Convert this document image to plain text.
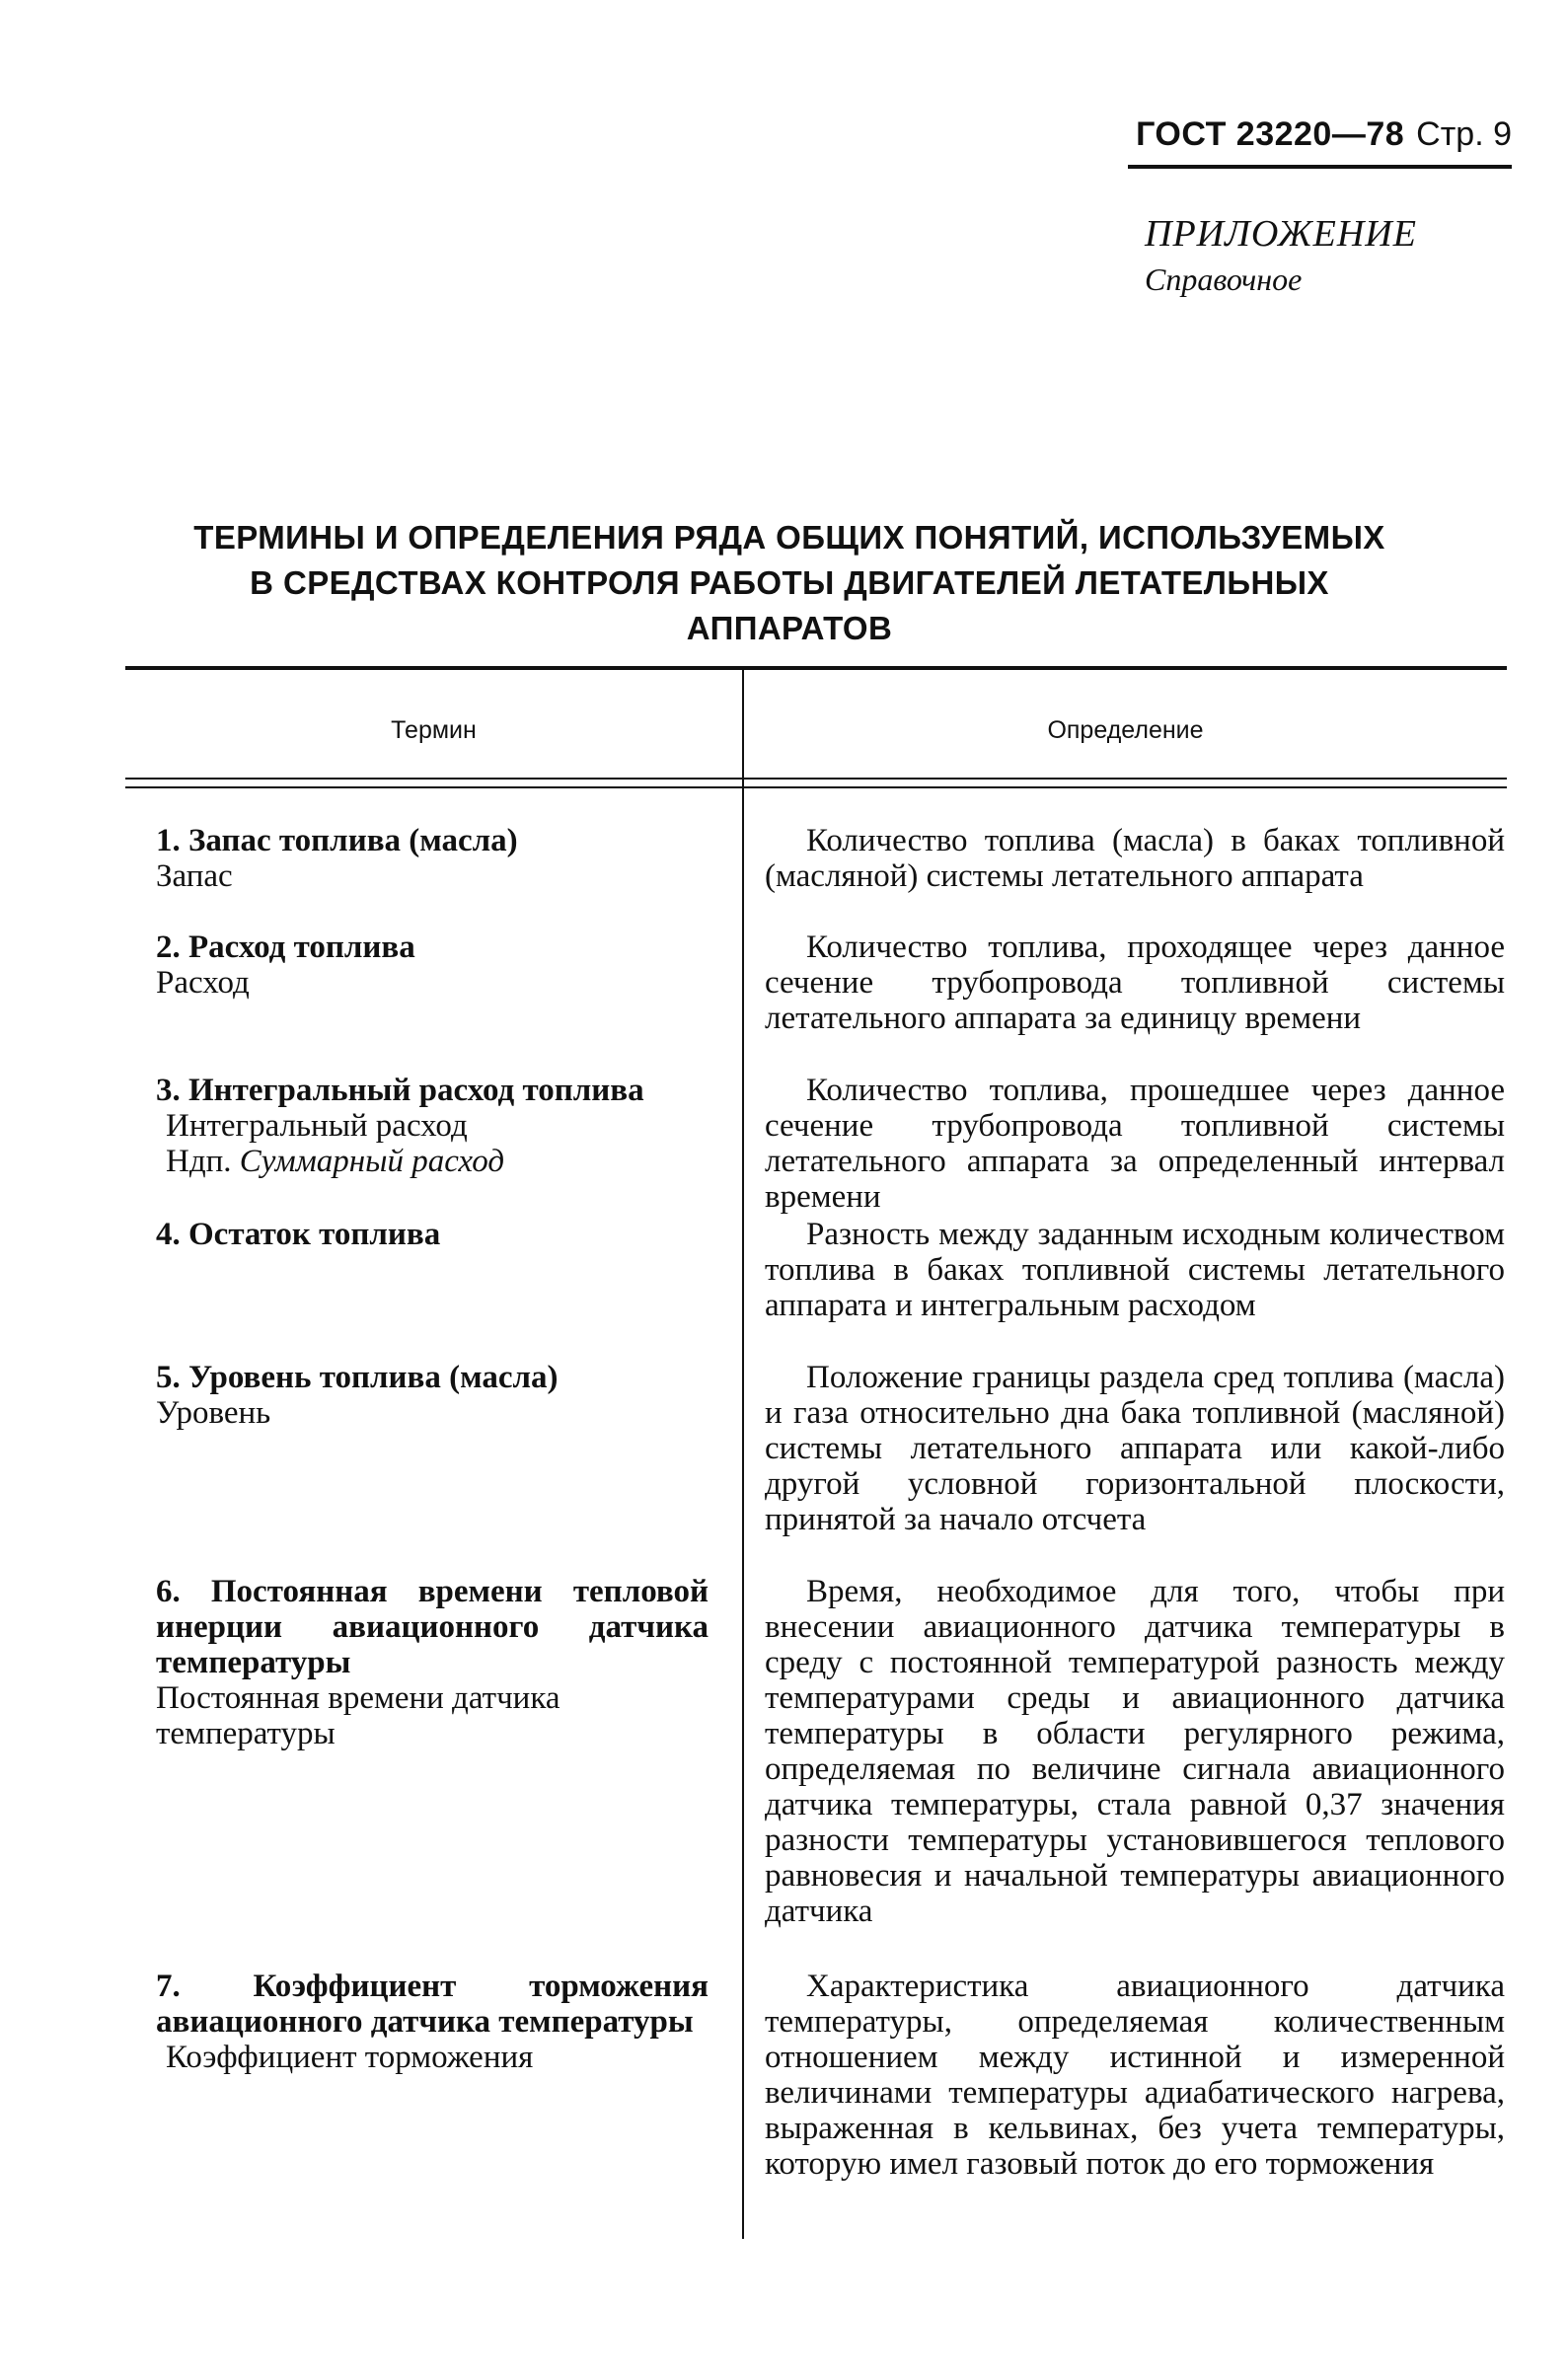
ГОСТ 23220—78 Стр. 9
ПРИЛОЖЕНИЕ
Справочное
ТЕРМИНЫ И ОПРЕДЕЛЕНИЯ РЯДА ОБЩИХ ПОНЯТИЙ, ИСПОЛЬЗУЕМЫХ
В СРЕДСТВАХ КОНТРОЛЯ РАБОТЫ ДВИГАТЕЛЕЙ ЛЕТАТЕЛЬНЫХ
АППАРАТОВ
Термин	Определение
1. Запас топлива (масла)
Запас
Количество топлива (масла) в баках топливной (масляной) системы летательного аппарата
2. Расход топлива
Расход
Количество топлива, проходящее через данное сечение трубопровода топливной системы летательного аппарата за единицу времени
3. Интегральный расход топлива
Интегральный расход
Ндп. Суммарный расход
Количество топлива, прошедшее через данное сечение трубопровода топливной системы летательного аппарата за определенный интервал времени
4. Остаток топлива	Разность между заданным исходным количеством топлива в баках топливной системы летательного аппарата и интегральным расходом
5. Уровень топлива (масла)
Уровень
Положение границы раздела сред топлива (масла) и газа относительно дна бака топливной (масляной) системы летательного аппарата или какой-либо другой условной горизонтальной плоскости, принятой за начало отсчета
6. Постоянная времени тепловой инерции авиационного датчика температуры
Постоянная времени датчика температуры
Время, необходимое для того, чтобы при внесении авиационного датчика температуры в среду с постоянной температурой разность между температурами среды и авиационного датчика температуры в области регулярного режима, определяемая по величине сигнала авиационного датчика температуры, стала равной 0,37 значения разности температуры установившегося теплового равновесия и начальной температуры авиационного датчика
7. Коэффициент торможения авиационного датчика температуры
Коэффициент торможения
Характеристика авиационного датчика температуры, определяемая количественным отношением между истинной и измеренной величинами температуры адиабатического нагрева, выраженная в кельвинах, без учета температуры, которую имел газовый поток до его торможения
